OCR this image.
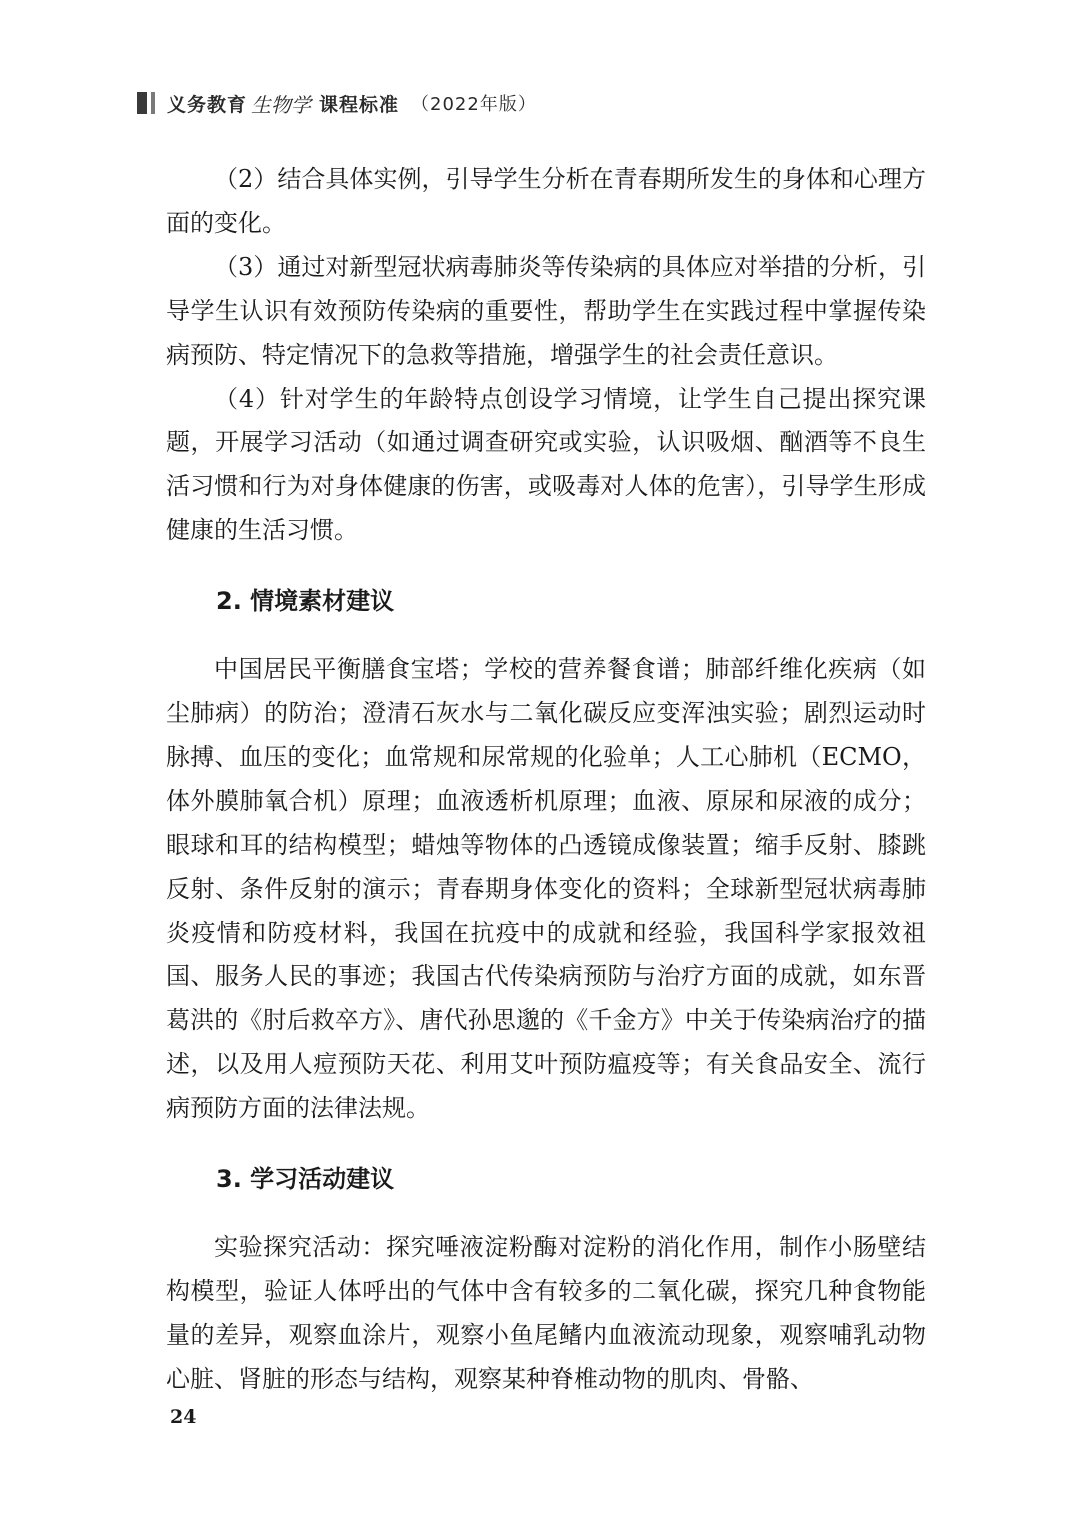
义务教育 生物学 课程标准 （2022年版）

（2）结合具体实例，引导学生分析在青春期所发生的身体和心理方面的变化。

（3）通过对新型冠状病毒肺炎等传染病的具体应对举措的分析，引导学生认识有效预防传染病的重要性，帮助学生在实践过程中掌握传染病预防、特定情况下的急救等措施，增强学生的社会责任意识。

（4）针对学生的年龄特点创设学习情境，让学生自己提出探究课题，开展学习活动（如通过调查研究或实验，认识吸烟、酗酒等不良生活习惯和行为对身体健康的伤害，或吸毒对人体的危害），引导学生形成健康的生活习惯。

2. 情境素材建议

中国居民平衡膳食宝塔；学校的营养餐食谱；肺部纤维化疾病（如尘肺病）的防治；澄清石灰水与二氧化碳反应变浑浊实验；剧烈运动时脉搏、血压的变化；血常规和尿常规的化验单；人工心肺机（ECMO，体外膜肺氧合机）原理；血液透析机原理；血液、原尿和尿液的成分；眼球和耳的结构模型；蜡烛等物体的凸透镜成像装置；缩手反射、膝跳反射、条件反射的演示；青春期身体变化的资料；全球新型冠状病毒肺炎疫情和防疫材料，我国在抗疫中的成就和经验，我国科学家报效祖国、服务人民的事迹；我国古代传染病预防与治疗方面的成就，如东晋葛洪的《肘后救卒方》、唐代孙思邈的《千金方》中关于传染病治疗的描述，以及用人痘预防天花、利用艾叶预防瘟疫等；有关食品安全、流行病预防方面的法律法规。

3. 学习活动建议

实验探究活动：探究唾液淀粉酶对淀粉的消化作用，制作小肠壁结构模型，验证人体呼出的气体中含有较多的二氧化碳，探究几种食物能量的差异，观察血涂片，观察小鱼尾鳍内血液流动现象，观察哺乳动物心脏、肾脏的形态与结构，观察某种脊椎动物的肌肉、骨骼、

24
